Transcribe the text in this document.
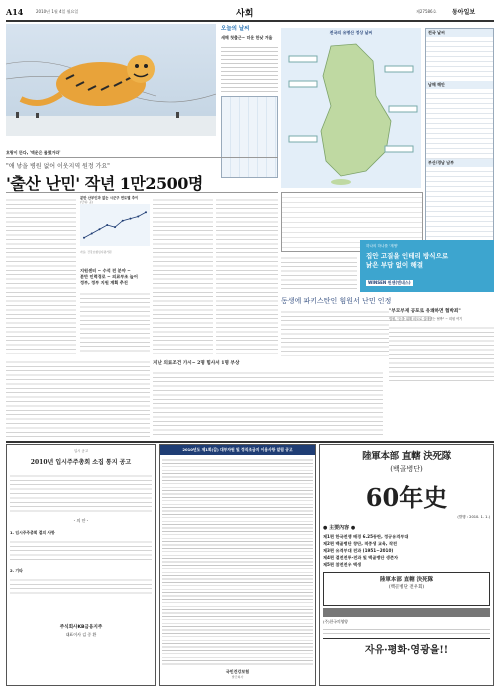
A14	2010년 1월 4일 월요일	사회	제27586호	동아일보
호랑이 뜬다, '액운은 물렀거라'
오늘의 날씨
새해 첫출근~ 더운 한낮 겨울
전국의 유명산 정상 날씨	전국 날씨
남해 해안
부산/경남 남부
"애 낳을 병원 없어 이웃지역 원정 가요"
'출산 난민' 작년 1만2500명
분만 산부인과 없는 시군구 연도별 추이
(단위: 곳)
자료: 건강보험심사평가원
지원센터 ~ 수석 전 분야 ~
분만 인력경로 ~ 의료부조 늘어
정부, 정부 지원 계획 추진
하나의 하나를 '재생'
집안 고질을 인테리 방식으로
낡은 부담 없이 해결
WINSEN 윈센(엔네스)
동생에 파키스탄인 힘원서 난민 인정
"부모부재 공포로 유쾌하면 협박죄"
법원, "돈을 위해 피도로 실태했는 협박" ~ 회원 여기
지난 의료조건 가시~ 2명 힘사서 1명 부상
입시 공고
2010년 입시주주총회 소집 통지 공고
- 의 안 -
1. 임시주주총회 결의 사항
2. 기타
주식회사KB금융지주
대표이사 김 중 환
2010년도 제1회(갑) 대부자원 및 정직조금지 이용사항 알림 공고
국민건강보험
발간회사
陸軍本部 直轄 決死隊
(백골병단)
60年史
(발행 : 2010. 1. 1.)
● 主要內容 ●
제1편 한국전쟁 배경 6.25동란, 정규유격부대
제2편 백골병단 창단, 적중생 교육, 작전
제3편 유격부대 전과 (1951~2010)
제4편 결전전투·전과 및 백골병단 생존자
제5편 참전전우 백생
陸軍本部 直轄 決死隊
(백골병단 전우회)
(주)한국의영양
자유·평화·영광을!!
